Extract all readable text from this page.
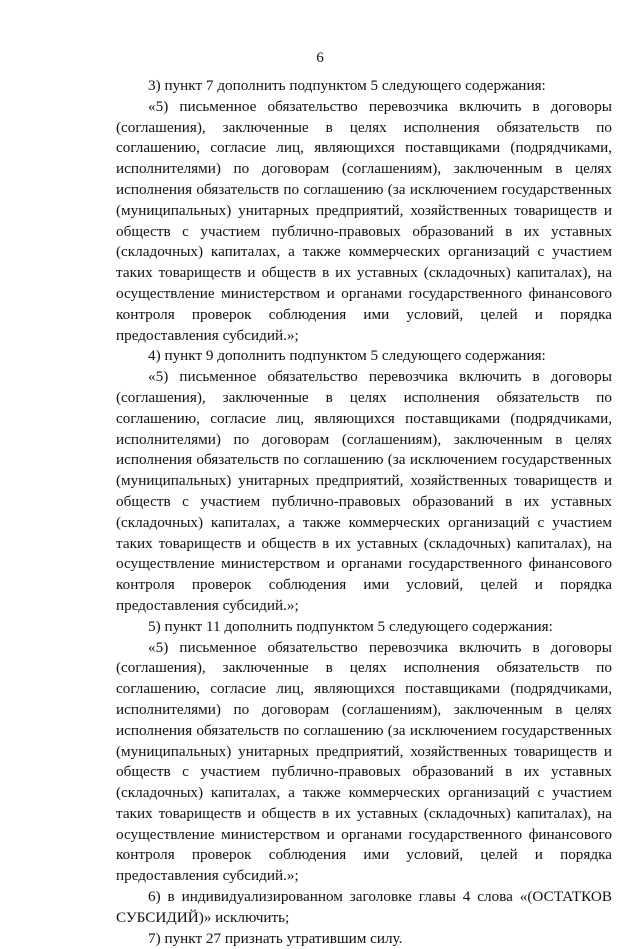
6

3) пункт 7 дополнить подпунктом 5 следующего содержания:

«5) письменное обязательство перевозчика включить в договоры
(соглашения), заключенные в целях исполнения обязательств по
соглашению, согласие лиц, являющихся поставщиками (подрядчиками,
исполнителями) по договорам (соглашениям), заключенным в целях
исполнения обязательств по соглашению (за исключением государственных
(муниципальных) унитарных предприятий, хозяйственных товариществ и
обществ с участием публично-правовых образований в их уставных
(складочных) капиталах, а также коммерческих организаций с участием
таких товариществ и обществ в их уставных (складочных) капиталах), на
осуществление министерством и органами государственного финансового
контроля проверок соблюдения ими условий, целей и порядка
предоставления субсидий.»;

4) пункт 9 дополнить подпунктом 5 следующего содержания:

«5) письменное обязательство перевозчика включить в договоры
(соглашения), заключенные в целях исполнения обязательств по
соглашению, согласие лиц, являющихся поставщиками (подрядчиками,
исполнителями) по договорам (соглашениям), заключенным в целях
исполнения обязательств по соглашению (за исключением государственных
(муниципальных) унитарных предприятий, хозяйственных товариществ и
обществ с участием публично-правовых образований в их уставных
(складочных) капиталах, а также коммерческих организаций с участием
таких товариществ и обществ в их уставных (складочных) капиталах), на
осуществление министерством и органами государственного финансового
контроля проверок соблюдения ими условий, целей и порядка
предоставления субсидий.»;

5) пункт 11 дополнить подпунктом 5 следующего содержания:

«5) письменное обязательство перевозчика включить в договоры
(соглашения), заключенные в целях исполнения обязательств по
соглашению, согласие лиц, являющихся поставщиками (подрядчиками,
исполнителями) по договорам (соглашениям), заключенным в целях
исполнения обязательств по соглашению (за исключением государственных
(муниципальных) унитарных предприятий, хозяйственных товариществ и
обществ с участием публично-правовых образований в их уставных
(складочных) капиталах, а также коммерческих организаций с участием
таких товариществ и обществ в их уставных (складочных) капиталах), на
осуществление министерством и органами государственного финансового
контроля проверок соблюдения ими условий, целей и порядка
предоставления субсидий.»;
6) в индивидуализированном заголовке главы 4 слова «(ОСТАТКОВ
СУБСИДИЙ)» исключить;

7) пункт 27 признать утратившим силу.
